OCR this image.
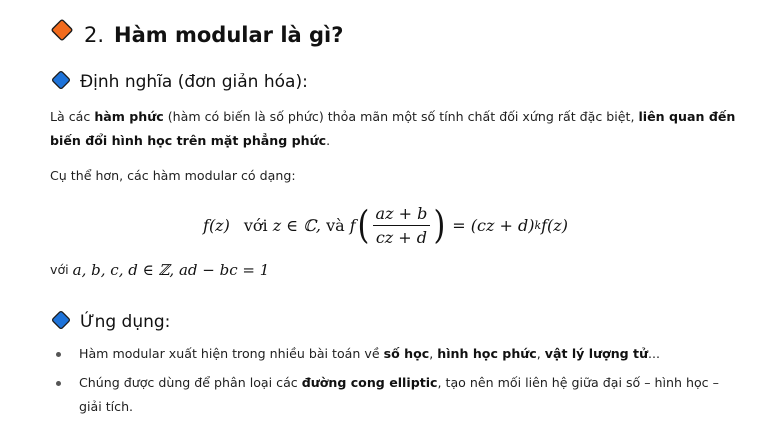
2. Hàm modular là gì?
Định nghĩa (đơn giản hóa):
Là các hàm phức (hàm có biến là số phức) thỏa mãn một số tính chất đối xứng rất đặc biệt, liên quan đến biến đổi hình học trên mặt phẳng phức.
Cụ thể hơn, các hàm modular có dạng:
f(z) với
z ∈ ℂ,
và
f ( $\frac{az + b}{cz + d}$ )
=
(cz + d) k f(z)
với a, b, c, d ∈ ℤ, ad − bc = 1
Ứng dụng:
Hàm modular xuất hiện trong nhiều bài toán về số học, hình học phức, vật lý lượng tử...
Chúng được dùng để phân loại các đường cong elliptic, tạo nên mối liên hệ giữa đại số – hình học – giải tích.
